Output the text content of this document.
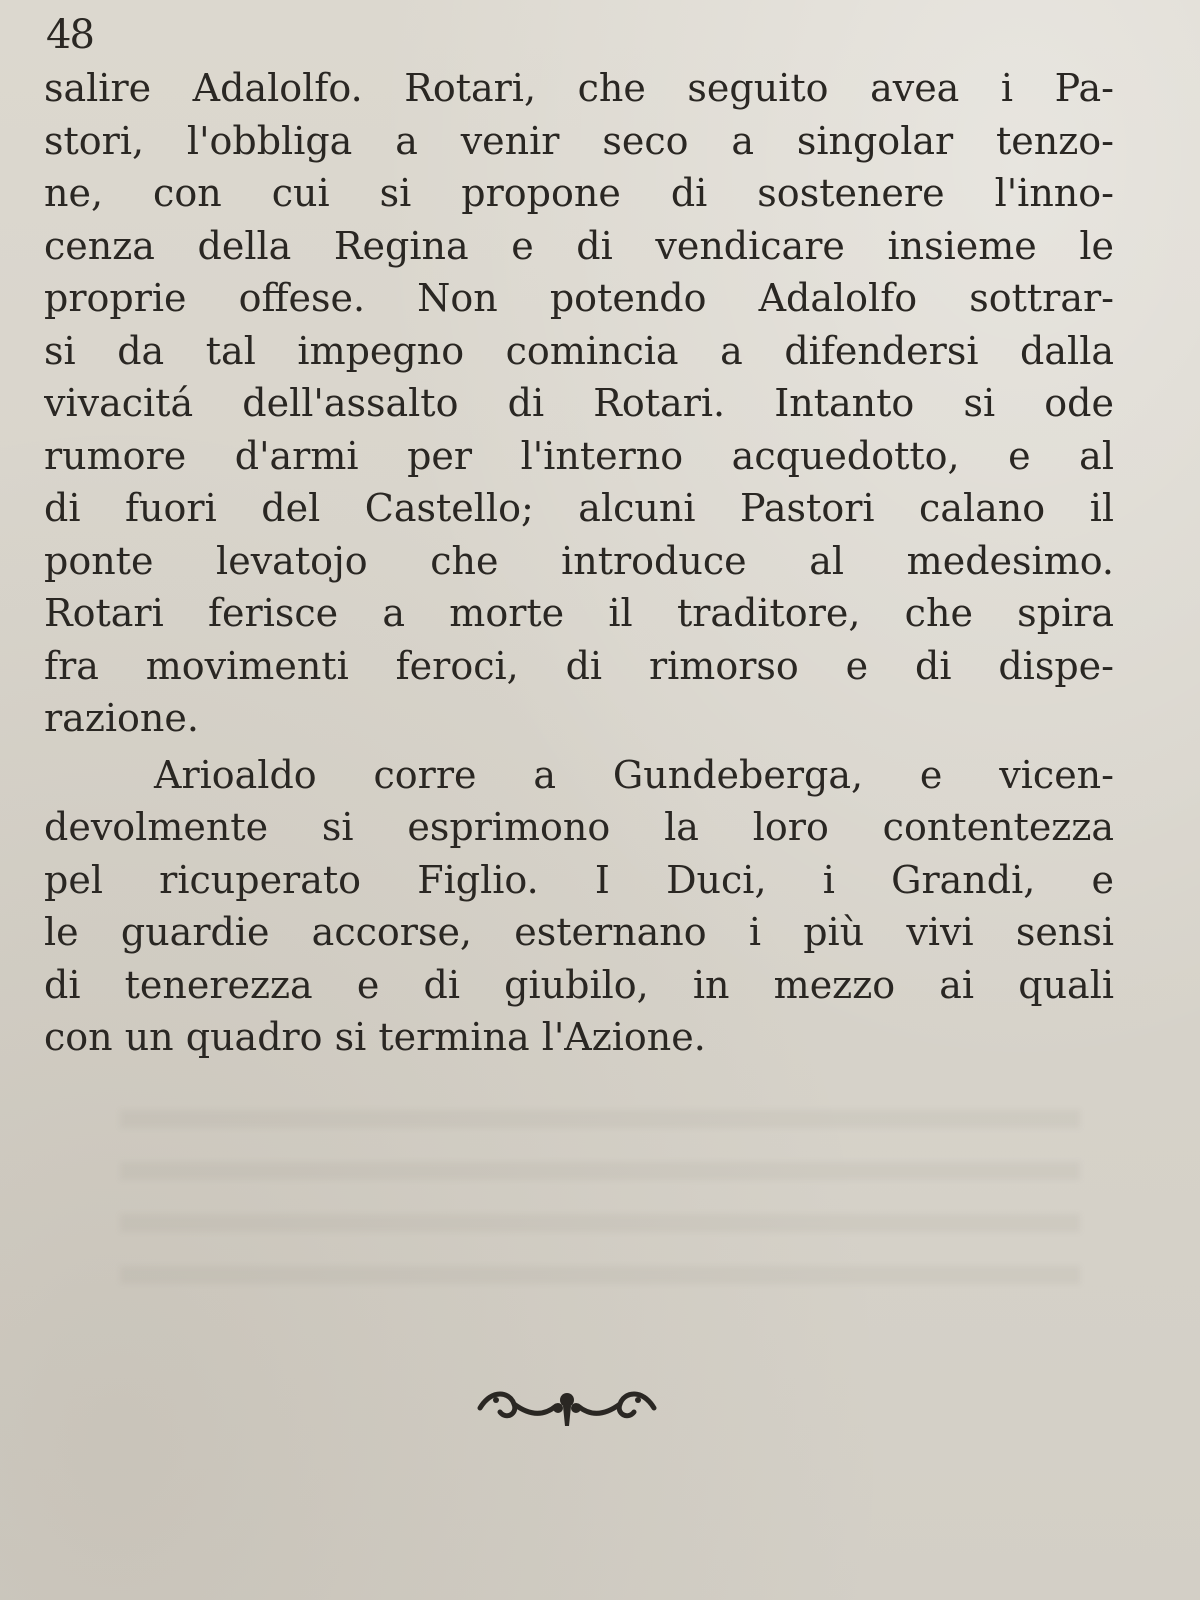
48
salire Adalolfo. Rotari, che seguito avea i Pa-
stori, l'obbliga a venir seco a singolar tenzo-
ne, con cui si propone di sostenere l'inno-
cenza della Regina e di vendicare insieme le
proprie offese. Non potendo Adalolfo sottrar-
si da tal impegno comincia a difendersi dalla
vivacitá dell'assalto di Rotari. Intanto si ode
rumore d'armi per l'interno acquedotto, e al
di fuori del Castello; alcuni Pastori calano il
ponte levatojo che introduce al medesimo.
Rotari ferisce a morte il traditore, che spira
fra movimenti feroci, di rimorso e di dispe-
razione.
Arioaldo corre a Gundeberga, e vicen-
devolmente si esprimono la loro contentezza
pel ricuperato Figlio. I Duci, i Grandi, e
le guardie accorse, esternano i più vivi sensi
di tenerezza e di giubilo, in mezzo ai quali
con un quadro si termina l'Azione.
